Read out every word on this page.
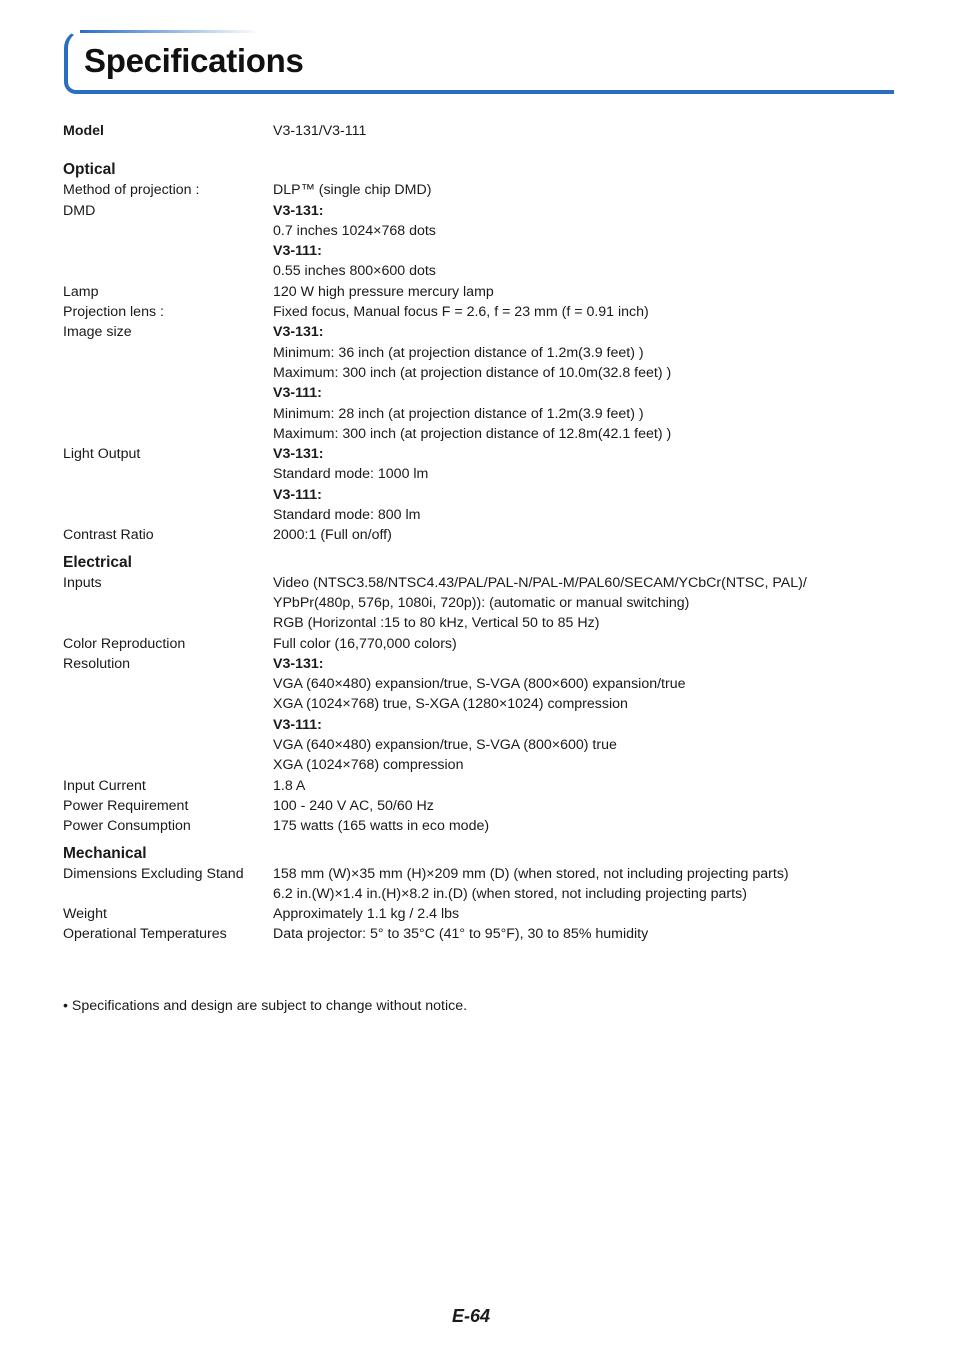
Specifications
Model	V3-131/V3-111
Optical
Method of projection :	DLP™ (single chip DMD)
DMD	V3-131:
0.7 inches 1024×768 dots
V3-111:
0.55 inches 800×600 dots
Lamp	120 W high pressure mercury lamp
Projection lens :	Fixed focus, Manual focus F = 2.6, f = 23 mm (f = 0.91 inch)
Image size	V3-131:
Minimum: 36 inch (at projection distance of 1.2m(3.9 feet) )
Maximum: 300 inch (at projection distance of 10.0m(32.8 feet) )
V3-111:
Minimum: 28 inch (at projection distance of 1.2m(3.9 feet) )
Maximum: 300 inch (at projection distance of 12.8m(42.1 feet) )
Light Output	V3-131:
Standard mode: 1000 lm
V3-111:
Standard mode: 800 lm
Contrast Ratio	2000:1 (Full on/off)
Electrical
Inputs	Video (NTSC3.58/NTSC4.43/PAL/PAL-N/PAL-M/PAL60/SECAM/YCbCr(NTSC, PAL)/
YPbPr(480p, 576p, 1080i, 720p)): (automatic or manual switching)
RGB (Horizontal :15 to 80 kHz, Vertical 50 to 85 Hz)
Color Reproduction	Full color (16,770,000 colors)
Resolution	V3-131:
VGA (640×480) expansion/true, S-VGA (800×600) expansion/true
XGA (1024×768) true, S-XGA (1280×1024) compression
V3-111:
VGA (640×480) expansion/true, S-VGA (800×600) true
XGA (1024×768) compression
Input Current	1.8 A
Power Requirement	100 - 240 V AC, 50/60 Hz
Power Consumption	175 watts (165 watts in eco mode)
Mechanical
Dimensions Excluding Stand	158 mm (W)×35 mm (H)×209 mm (D) (when stored, not including projecting parts)
6.2 in.(W)×1.4 in.(H)×8.2 in.(D) (when stored, not including projecting parts)
Weight	Approximately 1.1 kg / 2.4 lbs
Operational Temperatures	Data projector: 5° to 35°C (41° to 95°F), 30 to 85% humidity
• Specifications and design are subject to change without notice.
E-64
